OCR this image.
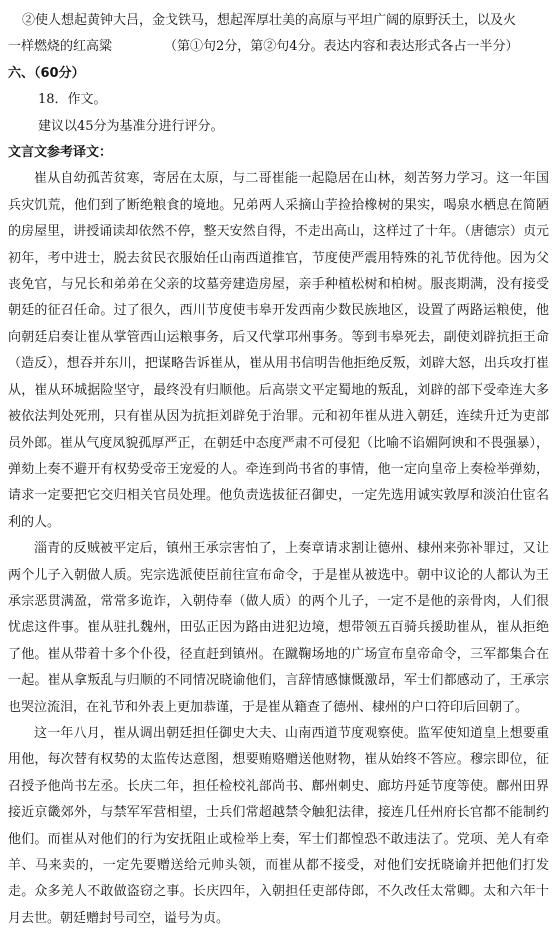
②使人想起黄钟大吕，金戈铁马，想起浑厚壮美的高原与平坦广阔的原野沃土，以及火
一样燃烧的红高粱	（第①句2分，第②句4分。表达内容和表达形式各占一半分）
六、（60分）
18．作文。
建议以45分为基准分进行评分。
文言文参考译文：

崔从自幼孤苦贫寒，寄居在太原，与二哥崔能一起隐居在山林，刻苦努力学习。这一年国兵灾饥荒，他们到了断绝粮食的境地。兄弟两人采摘山芋捡拾橡树的果实，喝泉水栖息在简陋的房屋里，讲授诵读却依然不停，整天安然自得，不走出高山，这样过了十年。（唐德宗）贞元初年，考中进士，脱去贫民衣服始任山南西道推官，节度使严震用特殊的礼节优待他。因为父丧免官，与兄长和弟弟在父亲的坟墓旁建造房屋，亲手种植松树和柏树。服丧期满，没有接受朝廷的征召任命。过了很久，西川节度使韦皋开发西南少数民族地区，设置了两路运粮使，他向朝廷启奏让崔从掌管西山运粮事务，后又代掌邛州事务。等到韦皋死去，副使刘辟抗拒王命（造反），想吞并东川，把谋略告诉崔从，崔从用书信明告他拒绝反叛，刘辟大怒，出兵攻打崔从，崔从环城据险坚守，最终没有归顺他。后高崇文平定蜀地的叛乱，刘辟的部下受牵连大多被依法判处死刑，只有崔从因为抗拒刘辟免于治罪。元和初年崔从进入朝廷，连续升迁为吏部员外郎。崔从气度凤貌孤厚严正，在朝廷中态度严肃不可侵犯（比喻不谄媚阿谀和不畏强暴），弹劾上奏不避开有权势受帝王宠爱的人。牵连到尚书省的事情，他一定向皇帝上奏检举弹劾，请求一定要把它交归相关官员处理。他负责选拔征召御史，一定先选用诚实敦厚和淡泊仕宦名利的人。

淄青的反贼被平定后，镇州王承宗害怕了，上奏章请求割让德州、棣州来弥补罪过，又让两个儿子入朝做人质。宪宗选派使臣前往宣布命令，于是崔从被选中。朝中议论的人都认为王承宗恶贯满盈，常常多诡诈，入朝侍奉（做人质）的两个儿子，一定不是他的亲骨肉，人们很忧虑这件事。崔从驻扎魏州，田弘正因为路由进犯边境，想带领五百骑兵援助崔从，崔从拒绝了他。崔从带着十多个仆役，径直赶到镇州。在蹴鞠场地的广场宣布皇帝命令，三军都集合在一起。崔从拿叛乱与归顺的不同情况晓谕他们，言辞情感慷慨激昂，军士们都感动了，王承宗也哭泣流泪，在礼节和外表上更加恭谨，于是崔从籍查了德州、棣州的户口符印后回朝了。

这一年八月，崔从调出朝廷担任御史大夫、山南西道节度观察使。监军使知道皇上想要重用他，每次替有权势的太监传达意图，想要贿赂赠送他财物，崔从始终不答应。穆宗即位，征召授予他尚书左丞。长庆二年，担任检校礼部尚书、鄜州刺史、廊坊丹延节度等使。鄜州田界接近京畿郊外，与禁军军营相望，士兵们常超越禁令触犯法律，接连几任州府长官都不能制约他们。而崔从对他们的行为安抚阻止或检举上奏，军士们都惶恐不敢违法了。党项、羌人有牵羊、马来卖的，一定先要赠送给元帅头领，而崔从都不接受，对他们安抚晓谕并把他们打发走。众多羌人不敢做盗窃之事。长庆四年，入朝担任吏部侍郎，不久改任太常卿。太和六年十月去世。朝廷赠封号司空，谥号为贞。
